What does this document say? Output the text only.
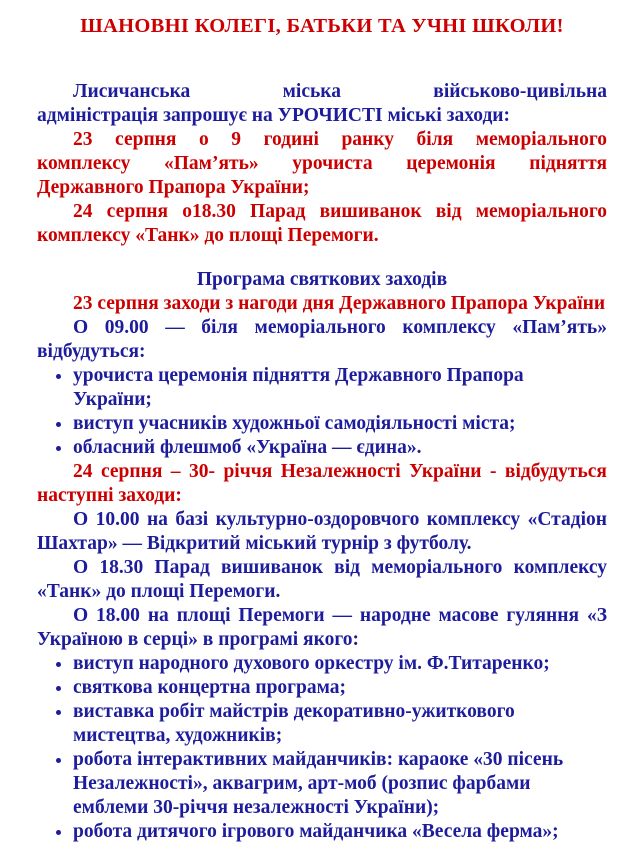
ШАНОВНІ КОЛЕГІ, БАТЬКИ ТА УЧНІ ШКОЛИ!
Лисичанська міська військово-цивільна
адміністрація запрошує на УРОЧИСТІ міські заходи:
23 серпня о 9 годині ранку біля меморіального
комплексу «Пам’ять» урочиста церемонія підняття
Державного Прапора України;
24 серпня о18.30 Парад вишиванок від меморіального
комплексу «Танк» до площі Перемоги.
Програма святкових заходів
23 серпня заходи з нагоди дня Державного Прапора України
О 09.00 — біля меморіального комплексу «Пам’ять»
відбудуться:
урочиста церемонія підняття Державного Прапора
України;
виступ учасників художньої самодіяльності міста;
обласний флешмоб «Україна — єдина».
24 серпня – 30- річчя Незалежності України - відбудуться
наступні заходи:
О 10.00 на базі культурно-оздоровчого комплексу «Стадіон
Шахтар» — Відкритий міський турнір з футболу.
О 18.30 Парад вишиванок від меморіального комплексу
«Танк» до площі Перемоги.
О 18.00 на площі Перемоги — народне масове гуляння «З
Україною в серці» в програмі якого:
виступ народного духового оркестру ім. Ф.Титаренко;
святкова концертна програма;
виставка робіт майстрів декоративно-ужиткового
мистецтва, художників;
робота інтерактивних майданчиків: караоке «30 пісень
Незалежності», аквагрим, арт-моб (розпис фарбами
емблеми 30-річчя незалежності України);
робота дитячого ігрового майданчика «Весела ферма»;
